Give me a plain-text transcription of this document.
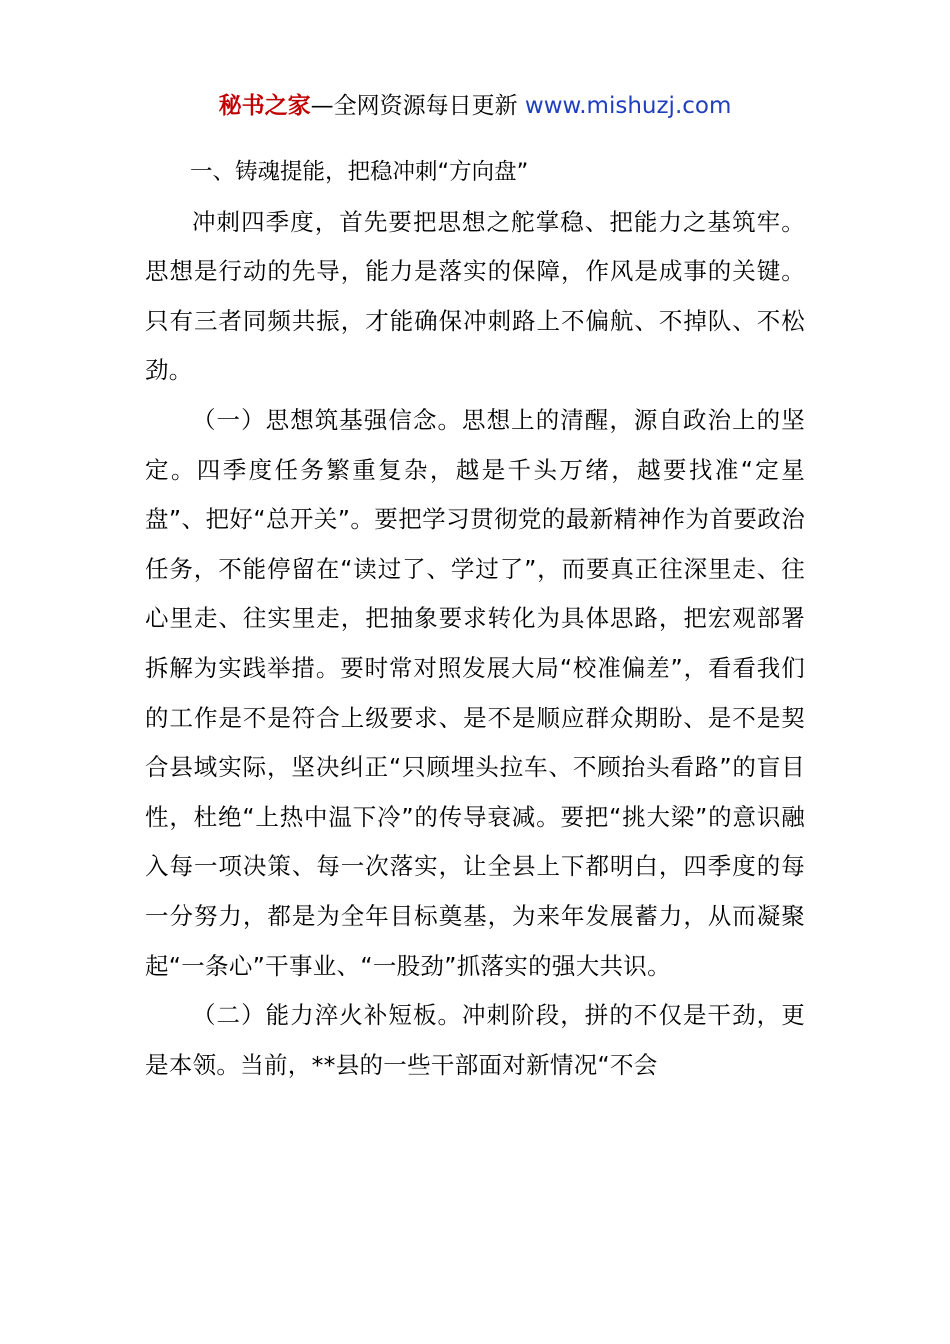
秘书之家—全网资源每日更新 www.mishuzj.com

一、铸魂提能，把稳冲刺“方向盘”

冲刺四季度，首先要把思想之舵掌稳、把能力之基筑牢。思想是行动的先导，能力是落实的保障，作风是成事的关键。只有三者同频共振，才能确保冲刺路上不偏航、不掉队、不松劲。

（一）思想筑基强信念。思想上的清醒，源自政治上的坚定。四季度任务繁重复杂，越是千头万绪，越要找准“定星盘”、把好“总开关”。要把学习贯彻党的最新精神作为首要政治任务，不能停留在“读过了、学过了”，而要真正往深里走、往心里走、往实里走，把抽象要求转化为具体思路，把宏观部署拆解为实践举措。要时常对照发展大局“校准偏差”，看看我们的工作是不是符合上级要求、是不是顺应群众期盼、是不是契合县域实际，坚决纠正“只顾埋头拉车、不顾抬头看路”的盲目性，杜绝“上热中温下冷”的传导衰减。要把“挑大梁”的意识融入每一项决策、每一次落实，让全县上下都明白，四季度的每一分努力，都是为全年目标奠基，为来年发展蓄力，从而凝聚起“一条心”干事业、“一股劲”抓落实的强大共识。

（二）能力淬火补短板。冲刺阶段，拼的不仅是干劲，更是本领。当前，**县的一些干部面对新情况“不会
